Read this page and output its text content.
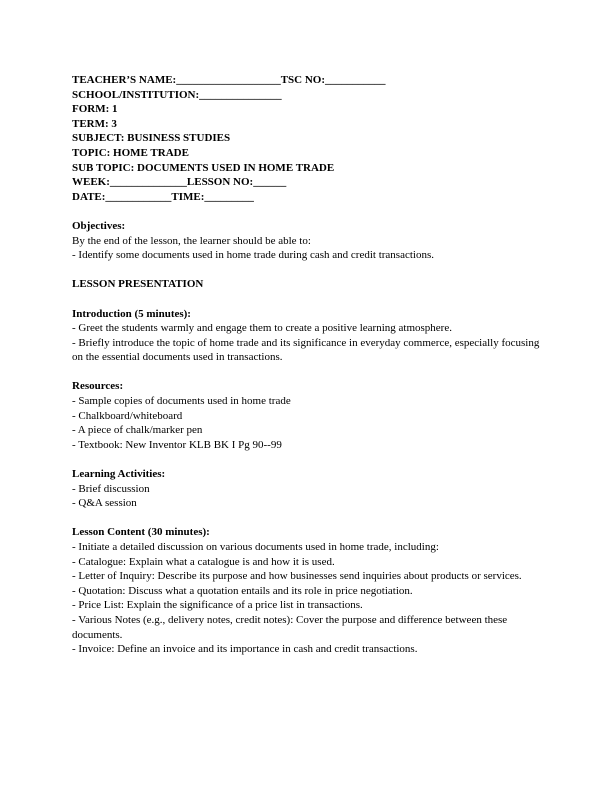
TEACHER’S NAME:___________________TSC NO:___________
SCHOOL/INSTITUTION:_______________
FORM: 1
TERM: 3
SUBJECT: BUSINESS STUDIES
TOPIC: HOME TRADE
SUB TOPIC: DOCUMENTS USED IN HOME TRADE
WEEK:______________LESSON NO:______
DATE:____________TIME:_________
Objectives:
By the end of the lesson, the learner should be able to:
- Identify some documents used in home trade during cash and credit transactions.
LESSON PRESENTATION
Introduction (5 minutes):
- Greet the students warmly and engage them to create a positive learning atmosphere.
- Briefly introduce the topic of home trade and its significance in everyday commerce, especially focusing on the essential documents used in transactions.
Resources:
- Sample copies of documents used in home trade
- Chalkboard/whiteboard
- A piece of chalk/marker pen
- Textbook: New Inventor KLB BK I Pg 90--99
Learning Activities:
- Brief discussion
- Q&A session
Lesson Content (30 minutes):
- Initiate a detailed discussion on various documents used in home trade, including:
- Catalogue: Explain what a catalogue is and how it is used.
- Letter of Inquiry: Describe its purpose and how businesses send inquiries about products or services.
- Quotation: Discuss what a quotation entails and its role in price negotiation.
- Price List: Explain the significance of a price list in transactions.
- Various Notes (e.g., delivery notes, credit notes): Cover the purpose and difference between these documents.
- Invoice: Define an invoice and its importance in cash and credit transactions.
